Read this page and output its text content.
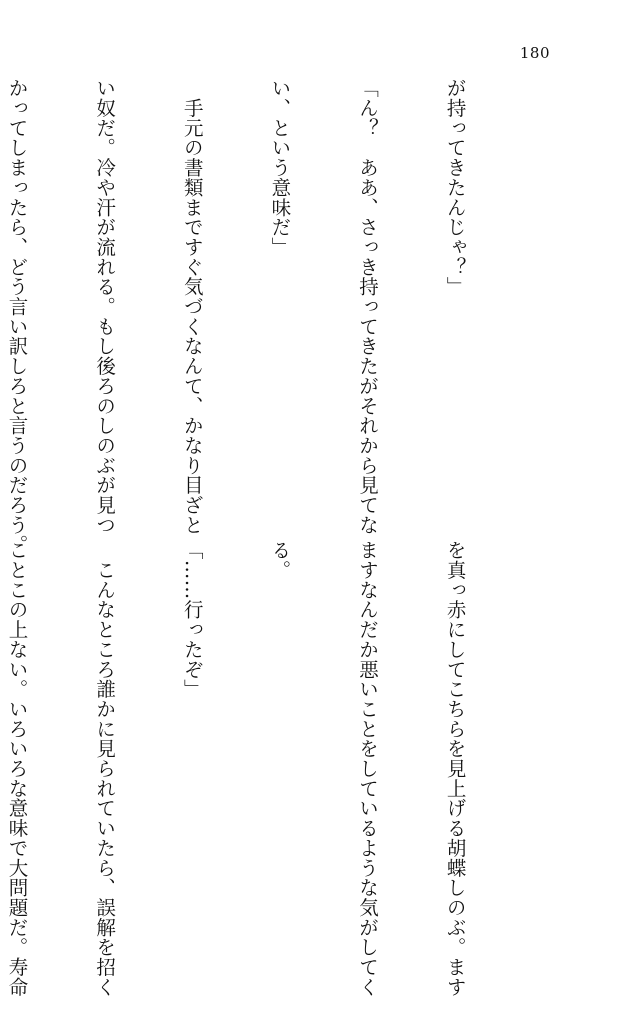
180

が持ってきたんじゃ？」

「ん？　ああ、さっき持ってきたがそれから見てな

い、という意味だ」

　手元の書類まですぐ気づくなんて、かなり目ざと

い奴だ。冷や汗が流れる。もし後ろのしのぶが見つ

かってしまったら、どう言い訳しろと言うのだろう。

を真っ赤にしてこちらを見上げる胡蝶しのぶ。ます

ますなんだか悪いことをしているような気がしてく

る。

「……行ったぞ」

　こんなところ誰かに見られていたら、誤解を招く

ことこの上ない。いろいろな意味で大問題だ。寿命
